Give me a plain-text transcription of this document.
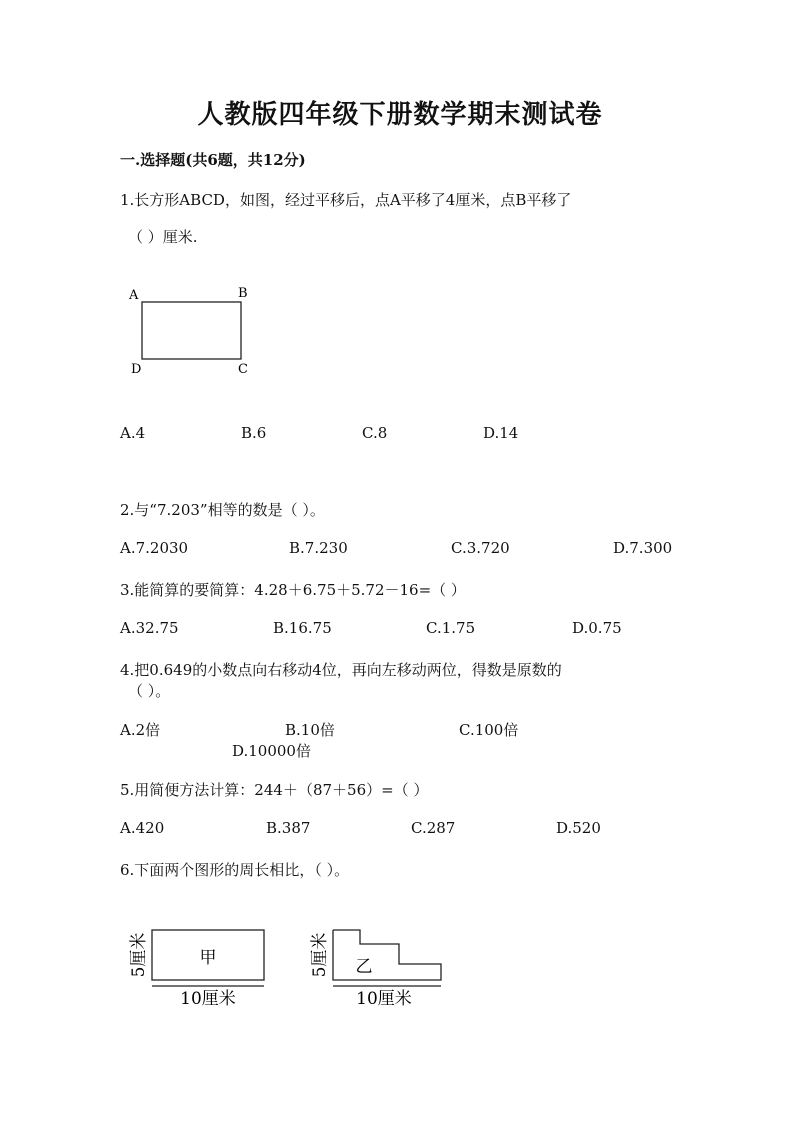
人教版四年级下册数学期末测试卷
一.选择题(共6题，共12分)
1.长方形ABCD，如图，经过平移后，点A平移了4厘米，点B平移了
（ ）厘米.
A	B
C
D
A.4	B.6	C.8	D.14
2.与“7.203”相等的数是（ ）。
A.7.2030	B.7.230	C.3.720	D.7.300
3.能简算的要简算：4.28＋6.75＋5.72－16=（ ）
A.32.75	B.16.75	C.1.75	D.0.75
4.把0.649的小数点向右移动4位，再向左移动两位，得数是原数的
（ ）。
A.2倍	B.10倍	C.100倍
D.10000倍
5.用简便方法计算：244＋（87＋56）=（ ）
A.420	B.387	C.287	D.520
6.下面两个图形的周长相比，（ ）。
甲
5厘米
10厘米
乙
5厘米
10厘米
